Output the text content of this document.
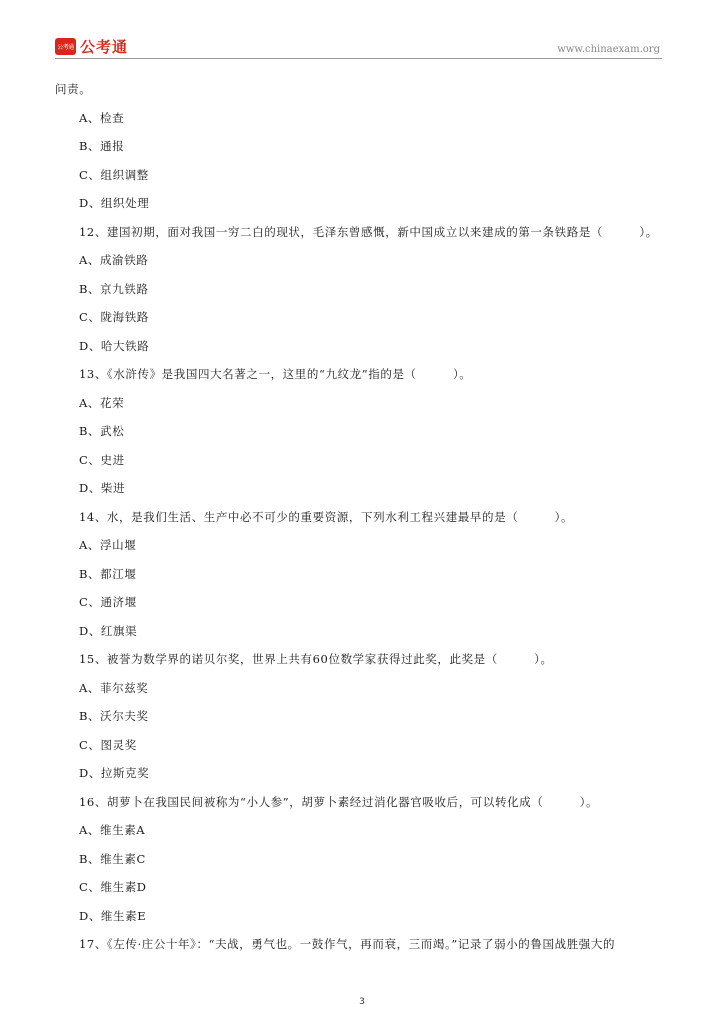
公考通 公考通	www.chinaexam.org
问责。
A、检查
B、通报
C、组织调整
D、组织处理
12、建国初期，面对我国一穷二白的现状，毛泽东曾感慨，新中国成立以来建成的第一条铁路是（　　　）。
A、成渝铁路
B、京九铁路
C、陇海铁路
D、哈大铁路
13、《水浒传》是我国四大名著之一，这里的“九纹龙”指的是（　　　）。
A、花荣
B、武松
C、史进
D、柴进
14、水，是我们生活、生产中必不可少的重要资源，下列水利工程兴建最早的是（　　　）。
A、浮山堰
B、都江堰
C、通济堰
D、红旗渠
15、被誉为数学界的诺贝尔奖，世界上共有60位数学家获得过此奖，此奖是（　　　）。
A、菲尔兹奖
B、沃尔夫奖
C、图灵奖
D、拉斯克奖
16、胡萝卜在我国民间被称为“小人参”，胡萝卜素经过消化器官吸收后，可以转化成（　　　）。
A、维生素A
B、维生素C
C、维生素D
D、维生素E
17、《左传·庄公十年》：“夫战，勇气也。一鼓作气，再而衰，三而竭。”记录了弱小的鲁国战胜强大的
3
